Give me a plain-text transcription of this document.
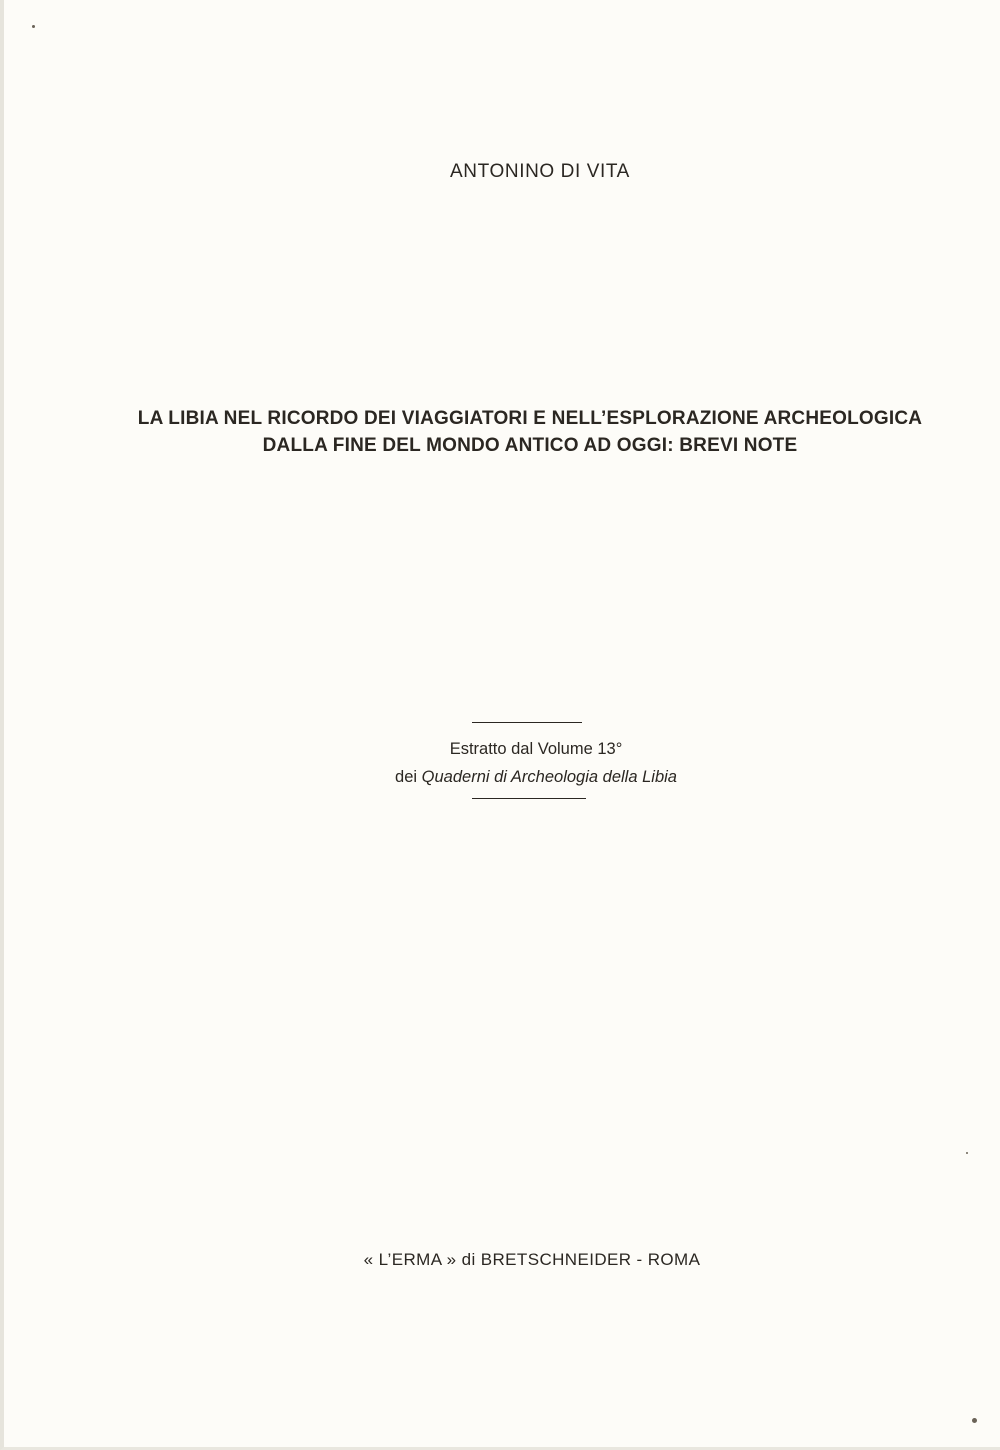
ANTONINO DI VITA
LA LIBIA NEL RICORDO DEI VIAGGIATORI E NELL’ESPLORAZIONE ARCHEOLOGICA
DALLA FINE DEL MONDO ANTICO AD OGGI: BREVI NOTE
Estratto dal Volume 13°
dei Quaderni di Archeologia della Libia
« L’ERMA » di BRETSCHNEIDER - ROMA
